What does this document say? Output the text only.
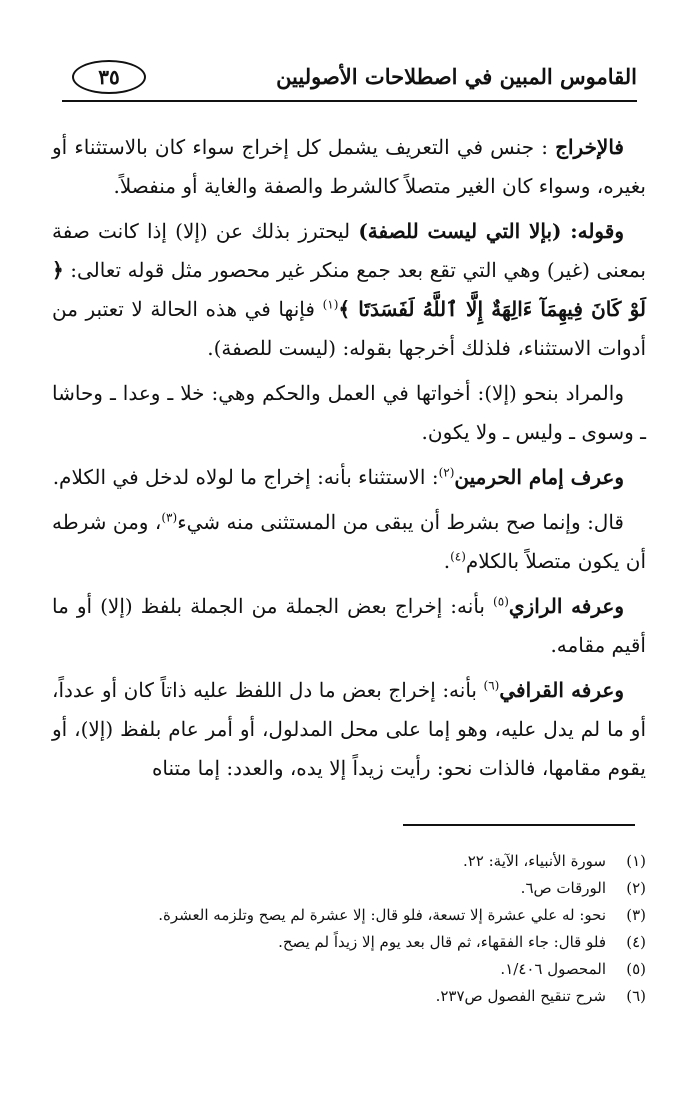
القاموس المبين في اصطلاحات الأصوليين
٣٥

فالإخراج : جنس في التعريف يشمل كل إخراج سواء كان بالاستثناء أو بغيره، وسواء كان الغير متصلاً كالشرط والصفة والغاية أو منفصلاً.

وقوله: (بإلا التي ليست للصفة) ليحترز بذلك عن (إلا) إذا كانت صفة بمعنى (غير) وهي التي تقع بعد جمع منكر غير محصور مثل قوله تعالى: ﴿ لَوْ كَانَ فِيهِمَآ ءَالِهَةٌ إِلَّا ٱللَّهُ لَفَسَدَتَا ﴾$^{(١)}$ فإنها في هذه الحالة لا تعتبر من أدوات الاستثناء، فلذلك أخرجها بقوله: (ليست للصفة).

والمراد بنحو (إلا): أخواتها في العمل والحكم وهي: خلا ـ وعدا ـ وحاشا ـ وسوى ـ وليس ـ ولا يكون.

وعرف إمام الحرمين$^{(٢)}$: الاستثناء بأنه: إخراج ما لولاه لدخل في الكلام.

قال: وإنما صح بشرط أن يبقى من المستثنى منه شيء$^{(٣)}$، ومن شرطه أن يكون متصلاً بالكلام$^{(٤)}$.

وعرفه الرازي$^{(٥)}$ بأنه: إخراج بعض الجملة من الجملة بلفظ (إلا) أو ما أقيم مقامه.

وعرفه القرافي$^{(٦)}$ بأنه: إخراج بعض ما دل اللفظ عليه ذاتاً كان أو عدداً، أو ما لم يدل عليه، وهو إما على محل المدلول، أو أمر عام بلفظ (إلا)، أو يقوم مقامها، فالذات نحو: رأيت زيداً إلا يده، والعدد: إما متناه

(١)
سورة الأنبياء، الآية: ٢٢.
(٢)
الورقات ص٦.
(٣)
نحو: له علي عشرة إلا تسعة، فلو قال: إلا عشرة لم يصح وتلزمه العشرة.
(٤)
فلو قال: جاء الفقهاء، ثم قال بعد يوم إلا زيداً لم يصح.
(٥)
المحصول ١/٤٠٦.
(٦)
شرح تنقيح الفصول ص٢٣٧.
